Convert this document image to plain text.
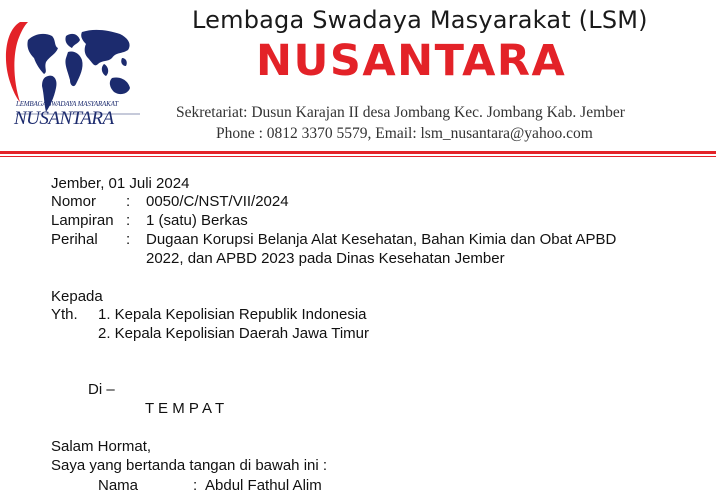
LEMBAGA SWADAYA MASYARAKAT
NUSANTARA
Lembaga Swadaya Masyarakat (LSM)
NUSANTARA
Sekretariat: Dusun Karajan II desa Jombang Kec. Jombang Kab. Jember
Phone : 0812 3370 5579, Email: lsm_nusantara@yahoo.com
Jember, 01 Juli 2024
Nomor : 0050/C/NST/VII/2024
Lampiran : 1 (satu) Berkas
Perihal : Dugaan Korupsi Belanja Alat Kesehatan, Bahan Kimia dan Obat APBD
2022, dan APBD 2023 pada Dinas Kesehatan Jember
Kepada
Yth. 1. Kepala Kepolisian Republik Indonesia
2. Kepala Kepolisian Daerah Jawa Timur
Di –
T E M P A T
Salam Hormat,
Saya yang bertanda tangan di bawah ini :
Nama	: Abdul Fathul Alim
